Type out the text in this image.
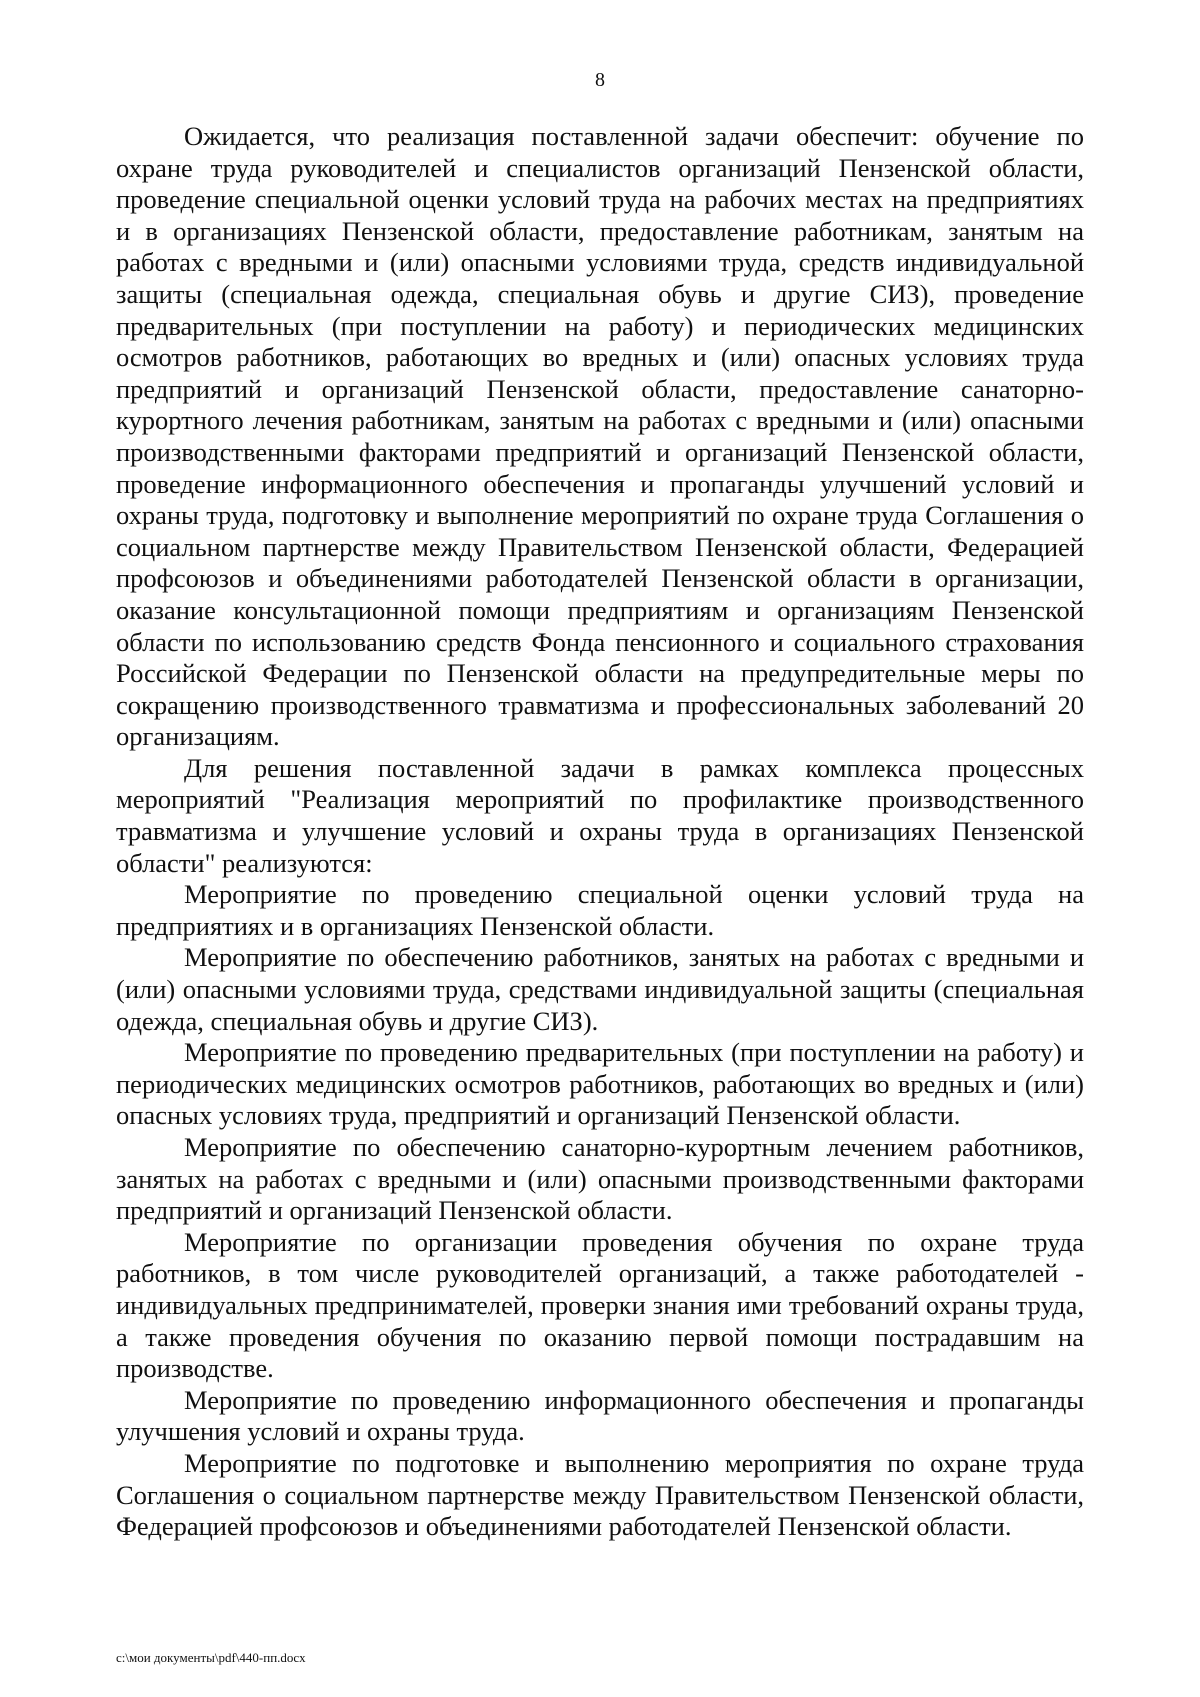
8

Ожидается, что реализация поставленной задачи обеспечит: обучение по охране труда руководителей и специалистов организаций Пензенской области, проведение специальной оценки условий труда на рабочих местах на предприятиях и в организациях Пензенской области, предоставление работникам, занятым на работах с вредными и (или) опасными условиями труда, средств индивидуальной защиты (специальная одежда, специальная обувь и другие СИЗ), проведение предварительных (при поступлении на работу) и периодических медицинских осмотров работников, работающих во вредных и (или) опасных условиях труда предприятий и организаций Пензенской области, предоставление санаторно-курортного лечения работникам, занятым на работах с вредными и (или) опасными производственными факторами предприятий и организаций Пензенской области, проведение информационного обеспечения и пропаганды улучшений условий и охраны труда, подготовку и выполнение мероприятий по охране труда Соглашения о социальном партнерстве между Правительством Пензенской области, Федерацией профсоюзов и объединениями работодателей Пензенской области в организации, оказание консультационной помощи предприятиям и организациям Пензенской области по использованию средств Фонда пенсионного и социального страхования Российской Федерации по Пензенской области на предупредительные меры по сокращению производственного травматизма и профессиональных заболеваний 20 организациям.

Для решения поставленной задачи в рамках комплекса процессных мероприятий "Реализация мероприятий по профилактике производственного травматизма и улучшение условий и охраны труда в организациях Пензенской области" реализуются:

Мероприятие по проведению специальной оценки условий труда на предприятиях и в организациях Пензенской области.

Мероприятие по обеспечению работников, занятых на работах с вредными и (или) опасными условиями труда, средствами индивидуальной защиты (специальная одежда, специальная обувь и другие СИЗ).

Мероприятие по проведению предварительных (при поступлении на работу) и периодических медицинских осмотров работников, работающих во вредных и (или) опасных условиях труда, предприятий и организаций Пензенской области.

Мероприятие по обеспечению санаторно-курортным лечением работников, занятых на работах с вредными и (или) опасными производственными факторами предприятий и организаций Пензенской области.

Мероприятие по организации проведения обучения по охране труда работников, в том числе руководителей организаций, а также работодателей - индивидуальных предпринимателей, проверки знания ими требований охраны труда, а также проведения обучения по оказанию первой помощи пострадавшим на производстве.

Мероприятие по проведению информационного обеспечения и пропаганды улучшения условий и охраны труда.

Мероприятие по подготовке и выполнению мероприятия по охране труда Соглашения о социальном партнерстве между Правительством Пензенской области, Федерацией профсоюзов и объединениями работодателей Пензенской области.

c:\мои документы\pdf\440-пп.docx
